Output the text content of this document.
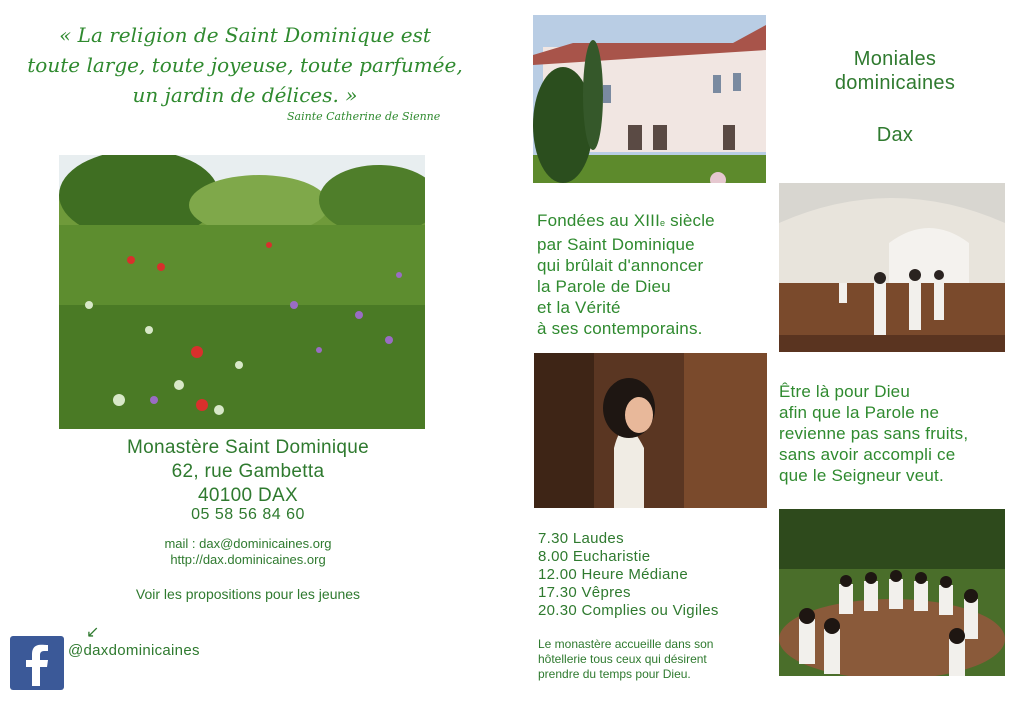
« La religion de Saint Dominique est
toute large, toute joyeuse, toute parfumée,
un jardin de délices. »
Sainte Catherine de Sienne
Monastère Saint Dominique
62, rue Gambetta
40100 DAX
05 58 56 84 60
mail : dax@dominicaines.org
http://dax.dominicaines.org
Voir les propositions pour les jeunes
↙
@daxdominicaines
Moniales
dominicaines
Dax
Fondées au XIIIe siècle
par Saint Dominique
qui brûlait d'annoncer
la Parole de Dieu
et la Vérité
à ses contemporains.
Être là pour Dieu
afin que la Parole ne
revienne pas sans fruits,
sans avoir accompli ce
que le Seigneur veut.
7.30 Laudes
8.00 Eucharistie
12.00 Heure Médiane
17.30 Vêpres
20.30 Complies ou Vigiles
Le monastère accueille dans son
hôtellerie tous ceux qui désirent
prendre du temps pour Dieu.
